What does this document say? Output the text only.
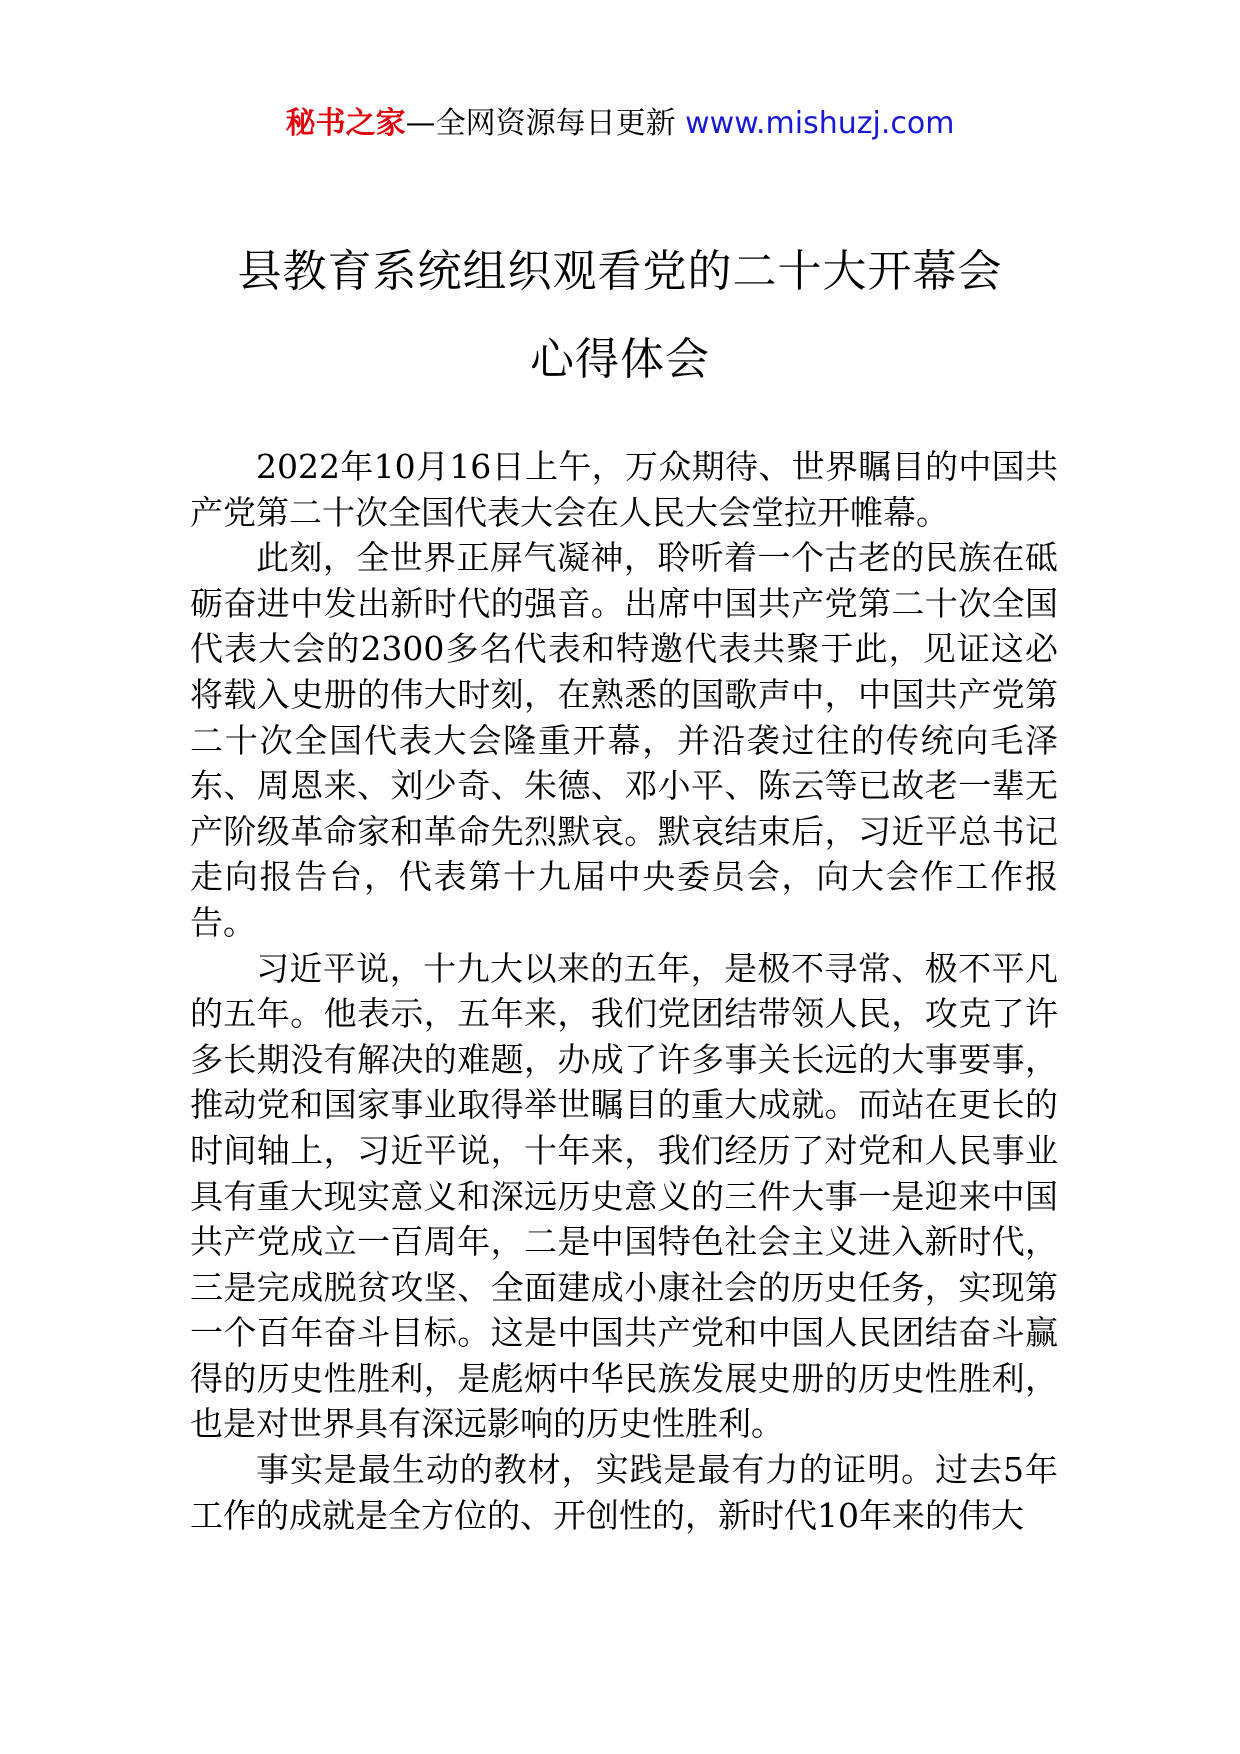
秘书之家—全网资源每日更新 www.mishuzj.com
县教育系统组织观看党的二十大开幕会
心得体会

2022年10月16日上午，万众期待、世界瞩目的中国共产党第二十次全国代表大会在人民大会堂拉开帷幕。

此刻，全世界正屏气凝神，聆听着一个古老的民族在砥砺奋进中发出新时代的强音。出席中国共产党第二十次全国代表大会的2300多名代表和特邀代表共聚于此，见证这必将载入史册的伟大时刻，在熟悉的国歌声中，中国共产党第二十次全国代表大会隆重开幕，并沿袭过往的传统向毛泽东、周恩来、刘少奇、朱德、邓小平、陈云等已故老一辈无产阶级革命家和革命先烈默哀。默哀结束后，习近平总书记走向报告台，代表第十九届中央委员会，向大会作工作报告。

习近平说，十九大以来的五年，是极不寻常、极不平凡的五年。他表示，五年来，我们党团结带领人民，攻克了许多长期没有解决的难题，办成了许多事关长远的大事要事，推动党和国家事业取得举世瞩目的重大成就。而站在更长的时间轴上，习近平说，十年来，我们经历了对党和人民事业具有重大现实意义和深远历史意义的三件大事一是迎来中国共产党成立一百周年，二是中国特色社会主义进入新时代，三是完成脱贫攻坚、全面建成小康社会的历史任务，实现第一个百年奋斗目标。这是中国共产党和中国人民团结奋斗赢得的历史性胜利，是彪炳中华民族发展史册的历史性胜利，也是对世界具有深远影响的历史性胜利。

事实是最生动的教材，实践是最有力的证明。过去5年工作的成就是全方位的、开创性的，新时代10年来的伟大
